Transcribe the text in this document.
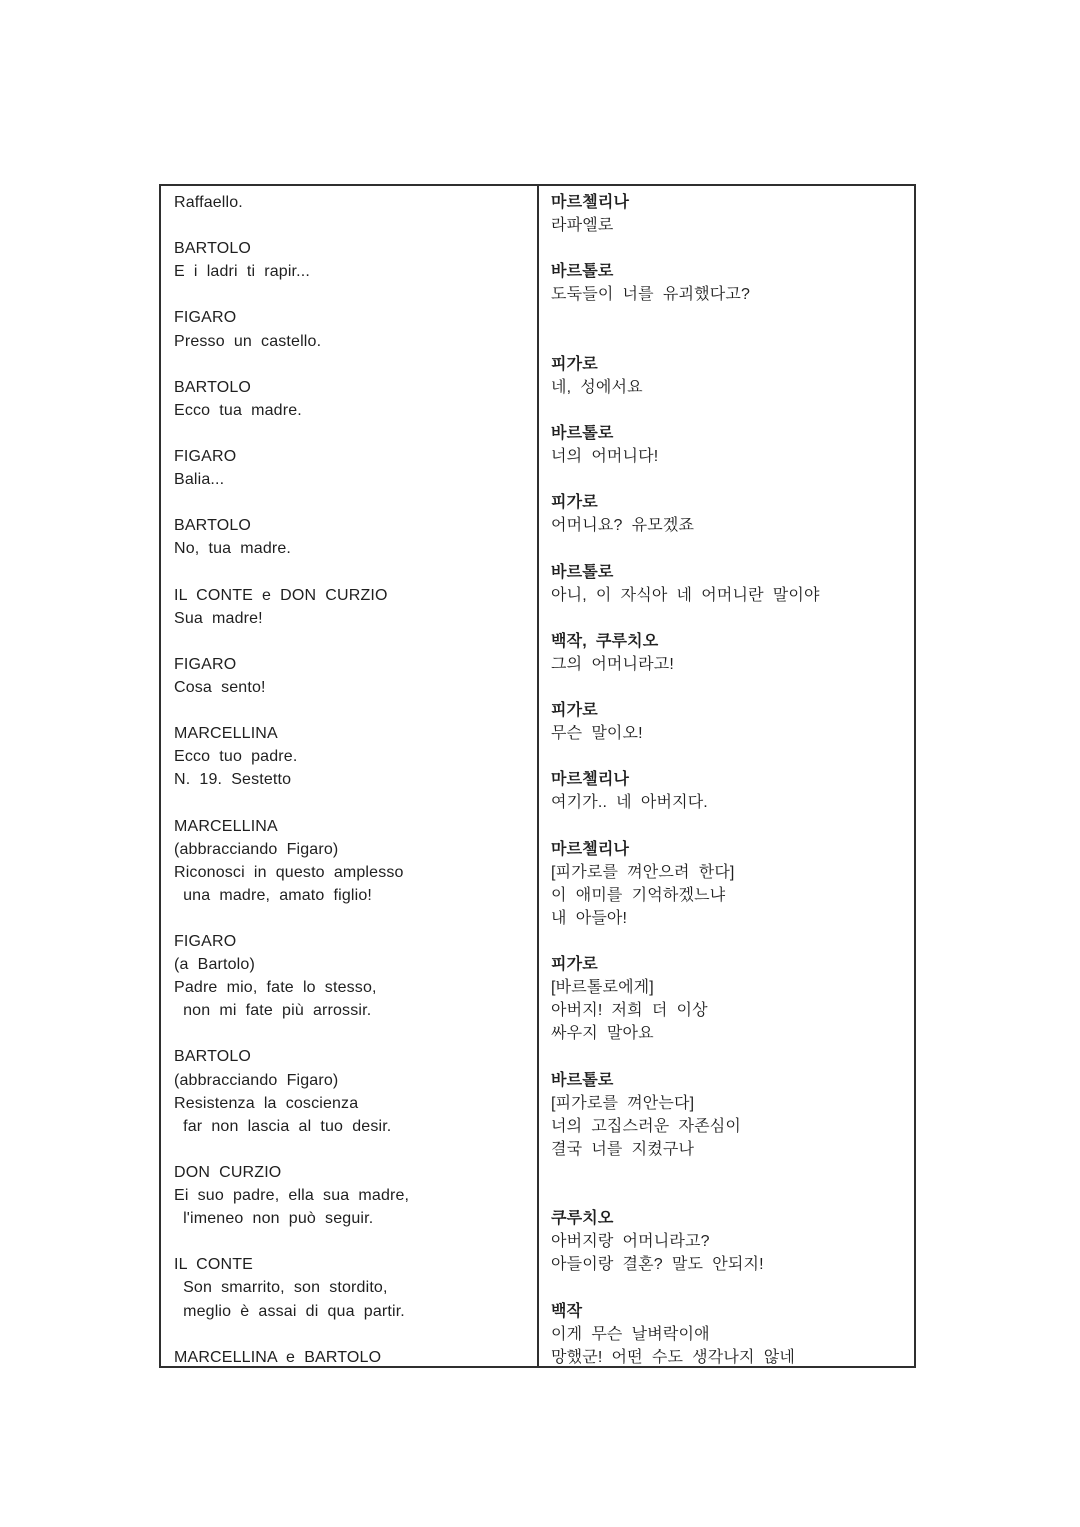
Raffaello.

BARTOLO
E i ladri ti rapir...

FIGARO
Presso un castello.

BARTOLO
Ecco tua madre.

FIGARO
Balia...

BARTOLO
No, tua madre.

IL CONTE e DON CURZIO
Sua madre!

FIGARO
Cosa sento!

MARCELLINA
Ecco tuo padre.
N. 19. Sestetto

MARCELLINA
(abbracciando Figaro)
Riconosci in questo amplesso
una madre, amato figlio!

FIGARO
(a Bartolo)
Padre mio, fate lo stesso,
non mi fate più arrossir.

BARTOLO
(abbracciando Figaro)
Resistenza la coscienza
far non lascia al tuo desir.

DON CURZIO
Ei suo padre, ella sua madre,
l'imeneo non può seguir.

IL CONTE
Son smarrito, son stordito,
meglio è assai di qua partir.

MARCELLINA e BARTOLO
마르첼리나
라파엘로

바르톨로
도둑들이 너를 유괴했다고?

피가로
네, 성에서요

바르톨로
너의 어머니다!

피가로
어머니요? 유모겠죠

바르톨로
아니, 이 자식아 네 어머니란 말이야

백작, 쿠루치오
그의 어머니라고!

피가로
무슨 말이오!

마르첼리나
여기가.. 네 아버지다.

마르첼리나
[피가로를 껴안으려 한다]
이 애미를 기억하겠느냐
내 아들아!

피가로
[바르톨로에게]
아버지! 저희 더 이상
싸우지 말아요

바르톨로
[피가로를 껴안는다]
너의 고집스러운 자존심이
결국 너를 지켰구나

쿠루치오
아버지랑 어머니라고?
아들이랑 결혼? 말도 안되지!

백작
이게 무슨 날벼락이애
망했군! 어떤 수도 생각나지 않네
